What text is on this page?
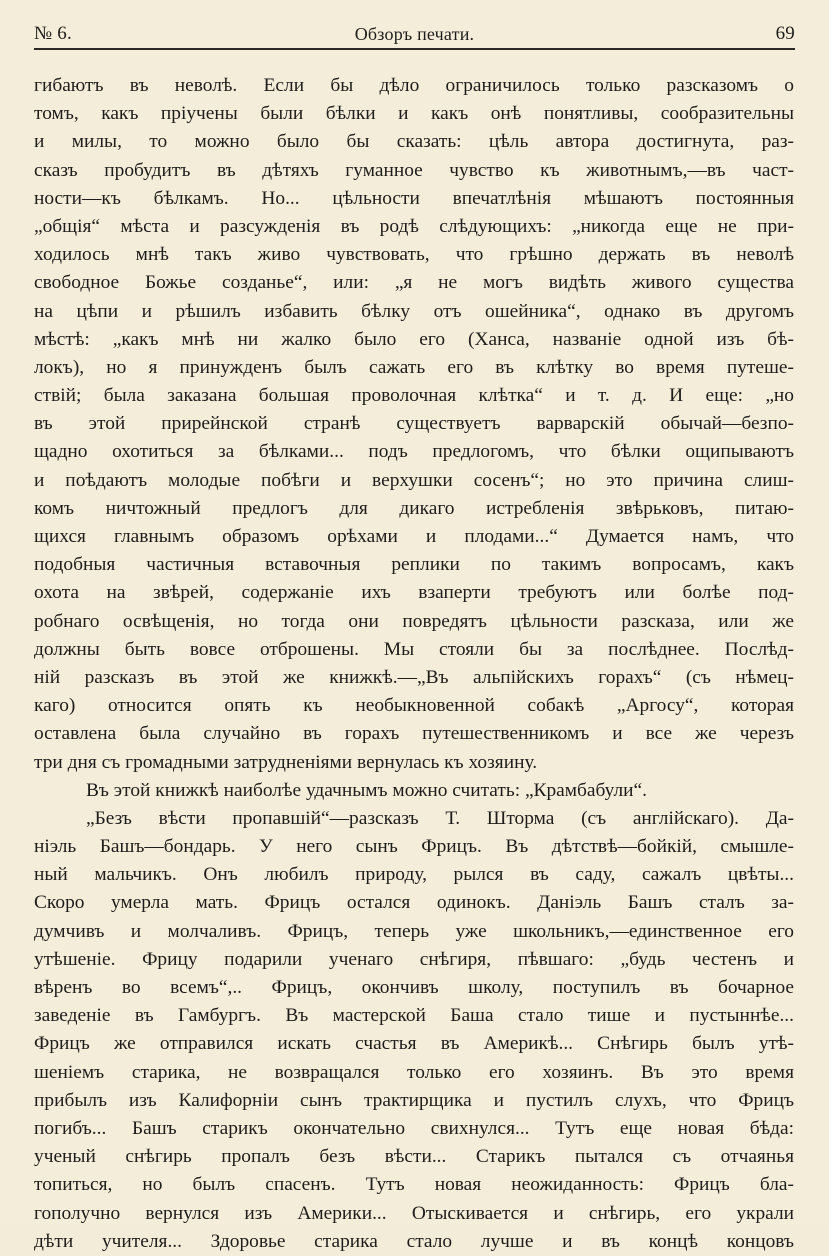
№ 6.	Обзоръ печати.	69
гибаютъ въ неволѣ. Если бы дѣло ограничилось только разсказомъ о
томъ, какъ пріучены были бѣлки и какъ онѣ понятливы, сообразительны
и милы, то можно было бы сказать: цѣль автора достигнута, раз-
сказъ пробудитъ въ дѣтяхъ гуманное чувство къ животнымъ,—въ част-
ности—къ бѣлкамъ. Но... цѣльности впечатлѣнія мѣшаютъ постоянныя
„общія“ мѣста и разсужденія въ родѣ слѣдующихъ: „никогда еще не при-
ходилось мнѣ такъ живо чувствовать, что грѣшно держать въ неволѣ
свободное Божье созданье“, или: „я не могъ видѣть живого существа
на цѣпи и рѣшилъ избавить бѣлку отъ ошейника“, однако въ другомъ
мѣстѣ: „какъ мнѣ ни жалко было его (Ханса, названіе одной изъ бѣ-
локъ), но я принужденъ былъ сажать его въ клѣтку во время путеше-
ствій; была заказана большая проволочная клѣтка“ и т. д. И еще: „но
въ этой прирейнской странѣ существуетъ варварскій обычай—безпо-
щадно охотиться за бѣлками... подъ предлогомъ, что бѣлки ощипываютъ
и поѣдаютъ молодые побѣги и верхушки сосенъ“; но это причина слиш-
комъ ничтожный предлогъ для дикаго истребленія звѣрьковъ, питаю-
щихся главнымъ образомъ орѣхами и плодами...“ Думается намъ, что
подобныя частичныя вставочныя реплики по такимъ вопросамъ, какъ
охота на звѣрей, содержаніе ихъ взаперти требуютъ или болѣе под-
робнаго освѣщенія, но тогда они повредятъ цѣльности разсказа, или же
должны быть вовсе отброшены. Мы стояли бы за послѣднее. Послѣд-
ній разсказъ въ этой же книжкѣ.—„Въ альпійскихъ горахъ“ (съ нѣмец-
каго) относится опять къ необыкновенной собакѣ „Аргосу“, которая
оставлена была случайно въ горахъ путешественникомъ и все же черезъ
три дня съ громадными затрудненіями вернулась къ хозяину.
Въ этой книжкѣ наиболѣе удачнымъ можно считать: „Крамбабули“.
„Безъ вѣсти пропавшій“—разсказъ Т. Шторма (съ англійскаго). Да-
ніэль Башъ—бондарь. У него сынъ Фрицъ. Въ дѣтствѣ—бойкій, смышле-
ный мальчикъ. Онъ любилъ природу, рылся въ саду, сажалъ цвѣты...
Скоро умерла мать. Фрицъ остался одинокъ. Даніэль Башъ сталъ за-
думчивъ и молчаливъ. Фрицъ, теперь уже школьникъ,—единственное его
утѣшеніе. Фрицу подарили ученаго снѣгиря, пѣвшаго: „будь честенъ и
вѣренъ во всемъ“,.. Фрицъ, окончивъ школу, поступилъ въ бочарное
заведеніе въ Гамбургъ. Въ мастерской Баша стало тише и пустыннѣе...
Фрицъ же отправился искать счастья въ Америкѣ... Снѣгирь былъ утѣ-
шеніемъ старика, не возвращался только его хозяинъ. Въ это время
прибылъ изъ Калифорніи сынъ трактирщика и пустилъ слухъ, что Фрицъ
погибъ... Башъ старикъ окончательно свихнулся... Тутъ еще новая бѣда:
ученый снѣгирь пропалъ безъ вѣсти... Старикъ пытался съ отчаянья
топиться, но былъ спасенъ. Тутъ новая неожиданность: Фрицъ бла-
гополучно вернулся изъ Америки... Отыскивается и снѣгирь, его украли
дѣти учителя... Здоровье старика стало лучше и въ концѣ концовъ
